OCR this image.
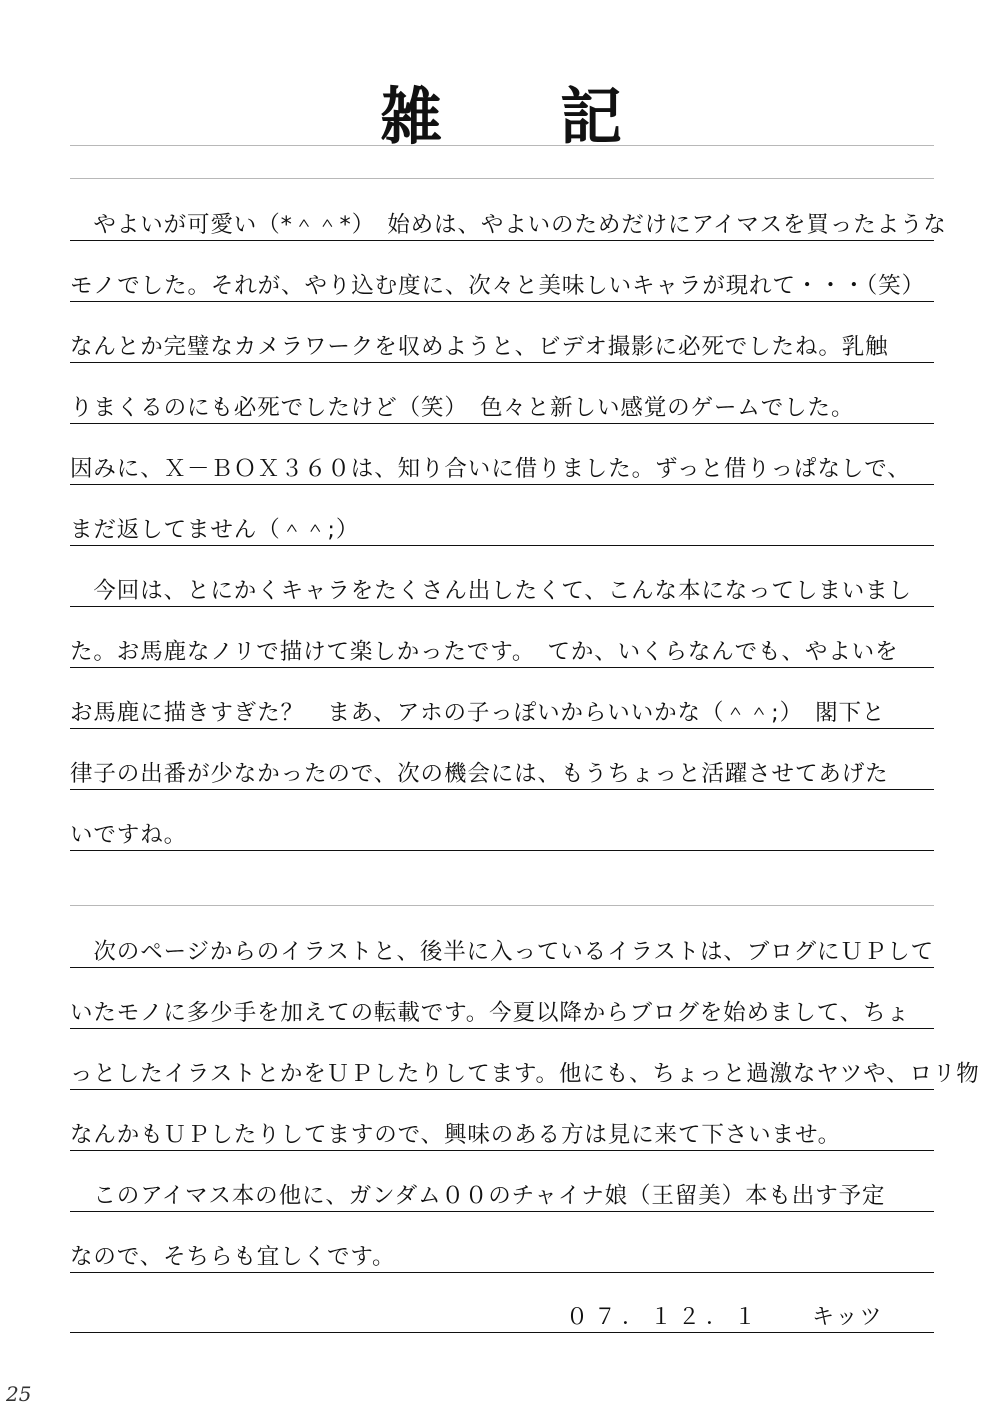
雑 記
　やよいが可愛い（*＾＾*）　始めは、やよいのためだけにアイマスを買ったような
モノでした。それが、やり込む度に、次々と美味しいキャラが現れて・・・（笑）
なんとか完璧なカメラワークを収めようと、ビデオ撮影に必死でしたね。乳触
りまくるのにも必死でしたけど（笑）　色々と新しい感覚のゲームでした。
因みに、Ｘ－ＢＯＸ３６０は、知り合いに借りました。ずっと借りっぱなしで、
まだ返してません（＾＾;）
　今回は、とにかくキャラをたくさん出したくて、こんな本になってしまいまし
た。お馬鹿なノリで描けて楽しかったです。　てか、いくらなんでも、やよいを
お馬鹿に描きすぎた？　まあ、アホの子っぽいからいいかな（＾＾;）　閣下と
律子の出番が少なかったので、次の機会には、もうちょっと活躍させてあげた
いですね。
　次のページからのイラストと、後半に入っているイラストは、ブログにＵＰして
いたモノに多少手を加えての転載です。今夏以降からブログを始めまして、ちょ
っとしたイラストとかをＵＰしたりしてます。他にも、ちょっと過激なヤツや、ロリ物
なんかもＵＰしたりしてますので、興味のある方は見に来て下さいませ。
　このアイマス本の他に、ガンダム００のチャイナ娘（王留美）本も出す予定
なので、そちらも宜しくです。
０７．１２．１ キッツ
25
